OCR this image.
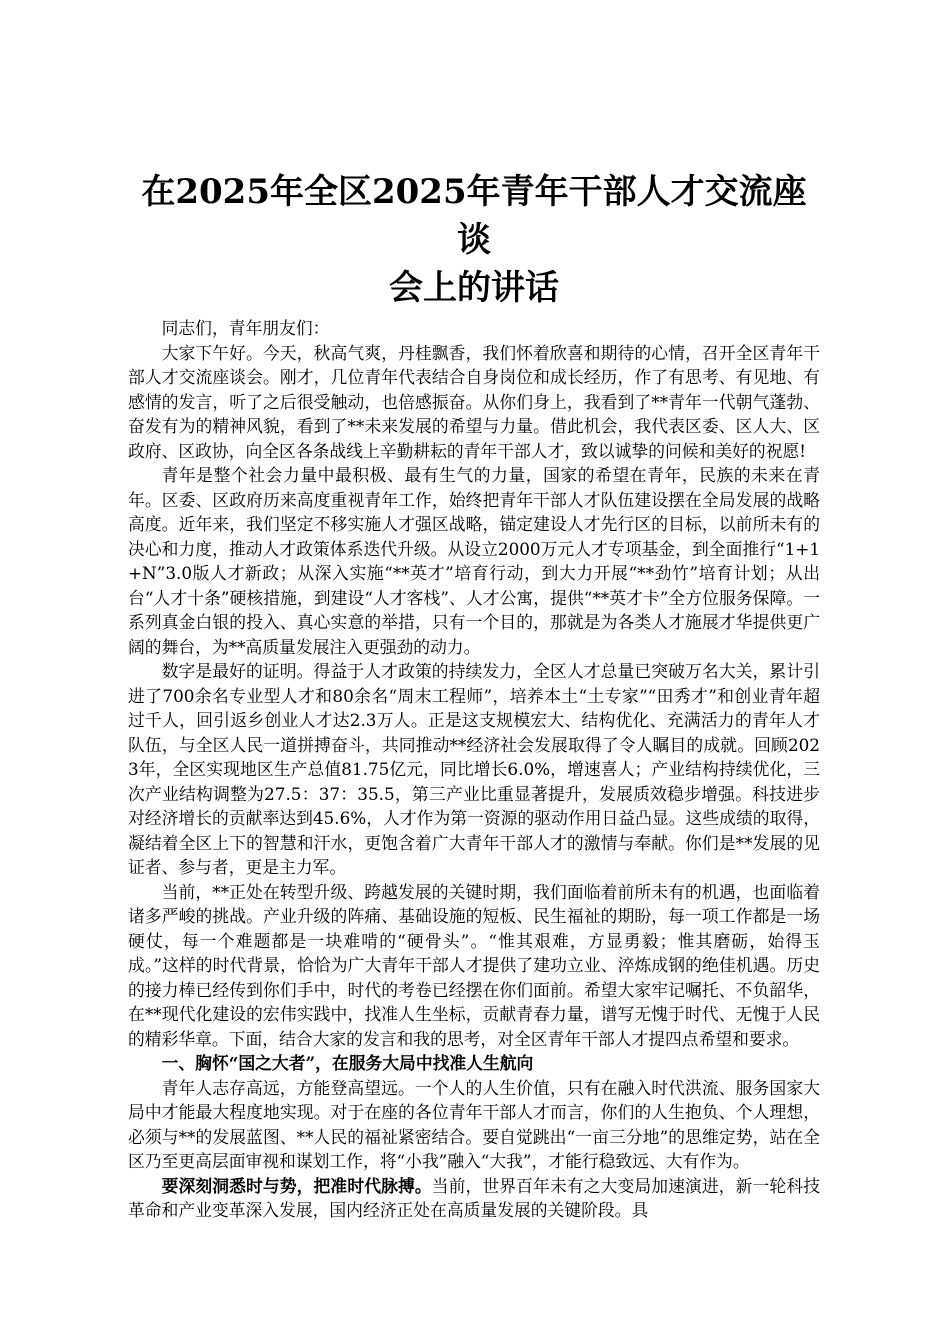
在2025年全区2025年青年干部人才交流座谈
会上的讲话

同志们，青年朋友们：

大家下午好。今天，秋高气爽，丹桂飘香，我们怀着欣喜和期待的心情，召开全区青年干部人才交流座谈会。刚才，几位青年代表结合自身岗位和成长经历，作了有思考、有见地、有感情的发言，听了之后很受触动，也倍感振奋。从你们身上，我看到了**青年一代朝气蓬勃、奋发有为的精神风貌，看到了**未来发展的希望与力量。借此机会，我代表区委、区人大、区政府、区政协，向全区各条战线上辛勤耕耘的青年干部人才，致以诚挚的问候和美好的祝愿!

青年是整个社会力量中最积极、最有生气的力量，国家的希望在青年，民族的未来在青年。区委、区政府历来高度重视青年工作，始终把青年干部人才队伍建设摆在全局发展的战略高度。近年来，我们坚定不移实施人才强区战略，锚定建设人才先行区的目标，以前所未有的决心和力度，推动人才政策体系迭代升级。从设立2000万元人才专项基金，到全面推行“1+1+N”3.0版人才新政；从深入实施“**英才”培育行动，到大力开展“**劲竹”培育计划；从出台“人才十条”硬核措施，到建设“人才客栈”、人才公寓，提供“**英才卡”全方位服务保障。一系列真金白银的投入、真心实意的举措，只有一个目的，那就是为各类人才施展才华提供更广阔的舞台，为**高质量发展注入更强劲的动力。

数字是最好的证明。得益于人才政策的持续发力，全区人才总量已突破万名大关，累计引进了700余名专业型人才和80余名“周末工程师”，培养本土“土专家”“田秀才”和创业青年超过千人，回引返乡创业人才达2.3万人。正是这支规模宏大、结构优化、充满活力的青年人才队伍，与全区人民一道拼搏奋斗，共同推动**经济社会发展取得了令人瞩目的成就。回顾2023年，全区实现地区生产总值81.75亿元，同比增长6.0%，增速喜人；产业结构持续优化，三次产业结构调整为27.5：37：35.5，第三产业比重显著提升，发展质效稳步增强。科技进步对经济增长的贡献率达到45.6%，人才作为第一资源的驱动作用日益凸显。这些成绩的取得，凝结着全区上下的智慧和汗水，更饱含着广大青年干部人才的激情与奉献。你们是**发展的见证者、参与者，更是主力军。

当前，**正处在转型升级、跨越发展的关键时期，我们面临着前所未有的机遇，也面临着诸多严峻的挑战。产业升级的阵痛、基础设施的短板、民生福祉的期盼，每一项工作都是一场硬仗，每一个难题都是一块难啃的“硬骨头”。“惟其艰难，方显勇毅；惟其磨砺，始得玉成。”这样的时代背景，恰恰为广大青年干部人才提供了建功立业、淬炼成钢的绝佳机遇。历史的接力棒已经传到你们手中，时代的考卷已经摆在你们面前。希望大家牢记嘱托、不负韶华，在**现代化建设的宏伟实践中，找准人生坐标，贡献青春力量，谱写无愧于时代、无愧于人民的精彩华章。下面，结合大家的发言和我的思考，对全区青年干部人才提四点希望和要求。

一、胸怀“国之大者”，在服务大局中找准人生航向

青年人志存高远，方能登高望远。一个人的人生价值，只有在融入时代洪流、服务国家大局中才能最大程度地实现。对于在座的各位青年干部人才而言，你们的人生抱负、个人理想，必须与**的发展蓝图、**人民的福祉紧密结合。要自觉跳出“一亩三分地”的思维定势，站在全区乃至更高层面审视和谋划工作，将“小我”融入“大我”，才能行稳致远、大有作为。

要深刻洞悉时与势，把准时代脉搏。当前，世界百年未有之大变局加速演进，新一轮科技革命和产业变革深入发展，国内经济正处在高质量发展的关键阶段。具
